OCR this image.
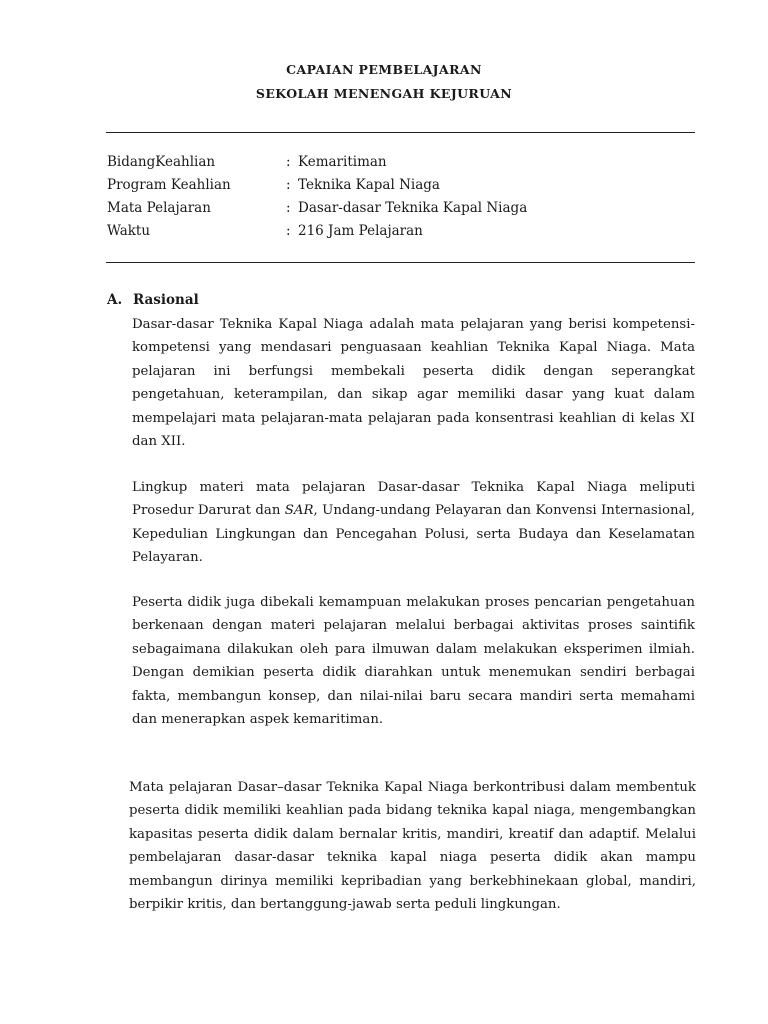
CAPAIAN PEMBELAJARAN
SEKOLAH MENENGAH KEJURUAN
BidangKeahlian	: Kemaritiman
Program Keahlian	: Teknika Kapal Niaga
Mata Pelajaran	: Dasar-dasar Teknika Kapal Niaga
Waktu	: 216 Jam Pelajaran
A. Rasional

Dasar-dasar Teknika Kapal Niaga adalah mata pelajaran yang berisi kompetensi-kompetensi yang mendasari penguasaan keahlian Teknika Kapal Niaga. Mata pelajaran ini berfungsi membekali peserta didik dengan seperangkat pengetahuan, keterampilan, dan sikap agar memiliki dasar yang kuat dalam mempelajari mata pelajaran-mata pelajaran pada konsentrasi keahlian di kelas XI dan XII.

Lingkup materi mata pelajaran Dasar-dasar Teknika Kapal Niaga meliputi Prosedur Darurat dan SAR, Undang-undang Pelayaran dan Konvensi Internasional, Kepedulian Lingkungan dan Pencegahan Polusi, serta Budaya dan Keselamatan Pelayaran.

Peserta didik juga dibekali kemampuan melakukan proses pencarian pengetahuan berkenaan dengan materi pelajaran melalui berbagai aktivitas proses saintifik sebagaimana dilakukan oleh para ilmuwan dalam melakukan eksperimen ilmiah. Dengan demikian peserta didik diarahkan untuk menemukan sendiri berbagai fakta, membangun konsep, dan nilai-nilai baru secara mandiri serta memahami dan menerapkan aspek kemaritiman.

Mata pelajaran Dasar–dasar Teknika Kapal Niaga berkontribusi dalam membentuk peserta didik memiliki keahlian pada bidang teknika kapal niaga, mengembangkan kapasitas peserta didik dalam bernalar kritis, mandiri, kreatif dan adaptif. Melalui pembelajaran dasar-dasar teknika kapal niaga peserta didik akan mampu membangun dirinya memiliki kepribadian yang berkebhinekaan global, mandiri, berpikir kritis, dan bertanggung-jawab serta peduli lingkungan.
